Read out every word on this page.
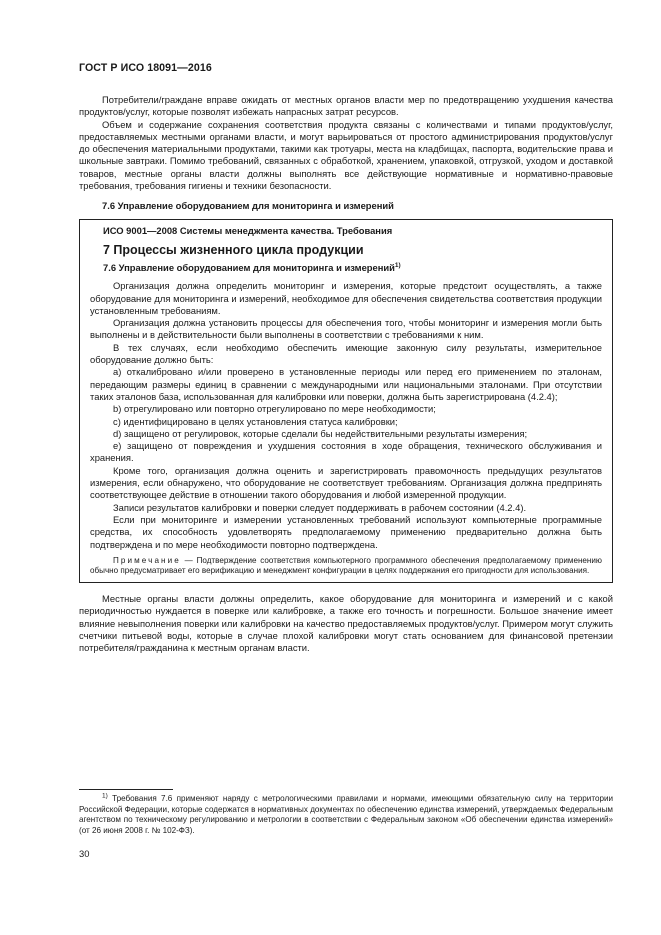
ГОСТ Р ИСО 18091—2016

Потребители/граждане вправе ожидать от местных органов власти мер по предотвращению ухудшения качества продуктов/услуг, которые позволят избежать напрасных затрат ресурсов.

Объем и содержание сохранения соответствия продукта связаны с количествами и типами продуктов/услуг, предоставляемых местными органами власти, и могут варьироваться от простого администрирования продуктов/услуг до обеспечения материальными продуктами, такими как тротуары, места на кладбищах, паспорта, водительские права и школьные завтраки. Помимо требований, связанных с обработкой, хранением, упаковкой, отгрузкой, уходом и доставкой товаров, местные органы власти должны выполнять все действующие нормативные и нормативно-правовые требования, требования гигиены и техники безопасности.

7.6 Управление оборудованием для мониторинга и измерений
ИСО 9001—2008 Системы менеджмента качества. Требования
7 Процессы жизненного цикла продукции
7.6 Управление оборудованием для мониторинга и измерений$^{1)}$

Организация должна определить мониторинг и измерения, которые предстоит осуществлять, а также оборудование для мониторинга и измерений, необходимое для обеспечения свидетельства соответствия продукции установленным требованиям.

Организация должна установить процессы для обеспечения того, чтобы мониторинг и измерения могли быть выполнены и в действительности были выполнены в соответствии с требованиями к ним.

В тех случаях, если необходимо обеспечить имеющие законную силу результаты, измерительное оборудование должно быть:

а) откалибровано и/или проверено в установленные периоды или перед его применением по эталонам, передающим размеры единиц в сравнении с международными или национальными эталонами. При отсутствии таких эталонов база, использованная для калибровки или поверки, должна быть зарегистрирована (4.2.4);

b) отрегулировано или повторно отрегулировано по мере необходимости;

с) идентифицировано в целях установления статуса калибровки;

d) защищено от регулировок, которые сделали бы недействительными результаты измерения;

е) защищено от повреждения и ухудшения состояния в ходе обращения, технического обслуживания и хранения.

Кроме того, организация должна оценить и зарегистрировать правомочность предыдущих результатов измерения, если обнаружено, что оборудование не соответствует требованиям. Организация должна предпринять соответствующее действие в отношении такого оборудования и любой измеренной продукции.

Записи результатов калибровки и поверки следует поддерживать в рабочем состоянии (4.2.4).

Если при мониторинге и измерении установленных требований используют компьютерные программные средства, их способность удовлетворять предполагаемому применению предварительно должна быть подтверждена и по мере необходимости повторно подтверждена.

Примечание — Подтверждение соответствия компьютерного программного обеспечения предполагаемому применению обычно предусматривает его верификацию и менеджмент конфигурации в целях поддержания его пригодности для использования.

Местные органы власти должны определить, какое оборудование для мониторинга и измерений и с какой периодичностью нуждается в поверке или калибровке, а также его точность и погрешности. Большое значение имеет влияние невыполнения поверки или калибровки на качество предоставляемых продуктов/услуг. Примером могут служить счетчики питьевой воды, которые в случае плохой калибровки могут стать основанием для финансовой претензии потребителя/гражданина к местным органам власти.

$^{1)}$ Требования 7.6 применяют наряду с метрологическими правилами и нормами, имеющими обязательную силу на территории Российской Федерации, которые содержатся в нормативных документах по обеспечению единства измерений, утверждаемых Федеральным агентством по техническому регулированию и метрологии в соответствии с Федеральным законом «Об обеспечении единства измерений» (от 26 июня 2008 г. № 102-ФЗ).
30
